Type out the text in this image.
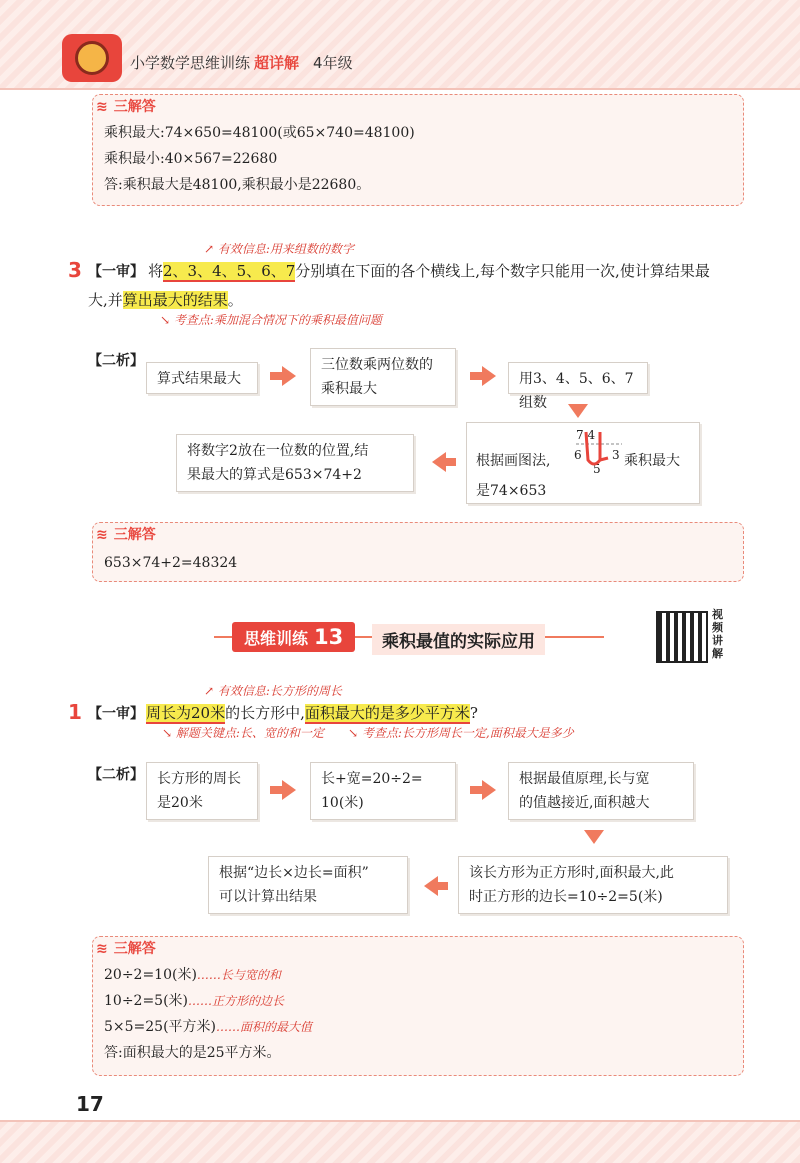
小学数学思维训练 超详解 4年级
≋ 三解答
乘积最大:74×650=48100(或65×740=48100)
乘积最小:40×567=22680
答:乘积最大是48100,乘积最小是22680。
↗ 有效信息:用来组数的数字
3 【一审】 将2、3、4、5、6、7分别填在下面的各个横线上,每个数字只能用一次,使计算结果最
大,并算出最大的结果。
↘ 考查点:乘加混合情况下的乘积最值问题
【二析】
算式结果最大
三位数乘两位数的
乘积最大
用3、4、5、6、7组数
根据画图法,	乘积最大
是74×653
7 4
6	3
5
将数字2放在一位数的位置,结
果最大的算式是653×74+2
≋ 三解答
653×74+2=48324
思维训练 13	乘积最值的实际应用
视频讲解
↗ 有效信息:长方形的周长
1 【一审】 周长为20米的长方形中,面积最大的是多少平方米?
↘ 解题关键点:长、宽的和一定 ↘ 考查点:长方形周长一定,面积最大是多少
【二析】 长方形的周长
是20米
长+宽=20÷2=
10(米)
根据最值原理,长与宽
的值越接近,面积越大
该长方形为正方形时,面积最大,此
时正方形的边长=10÷2=5(米)
根据“边长×边长=面积”
可以计算出结果
≋ 三解答
20÷2=10(米)……长与宽的和
10÷2=5(米)……正方形的边长
5×5=25(平方米)……面积的最大值
答:面积最大的是25平方米。
17
